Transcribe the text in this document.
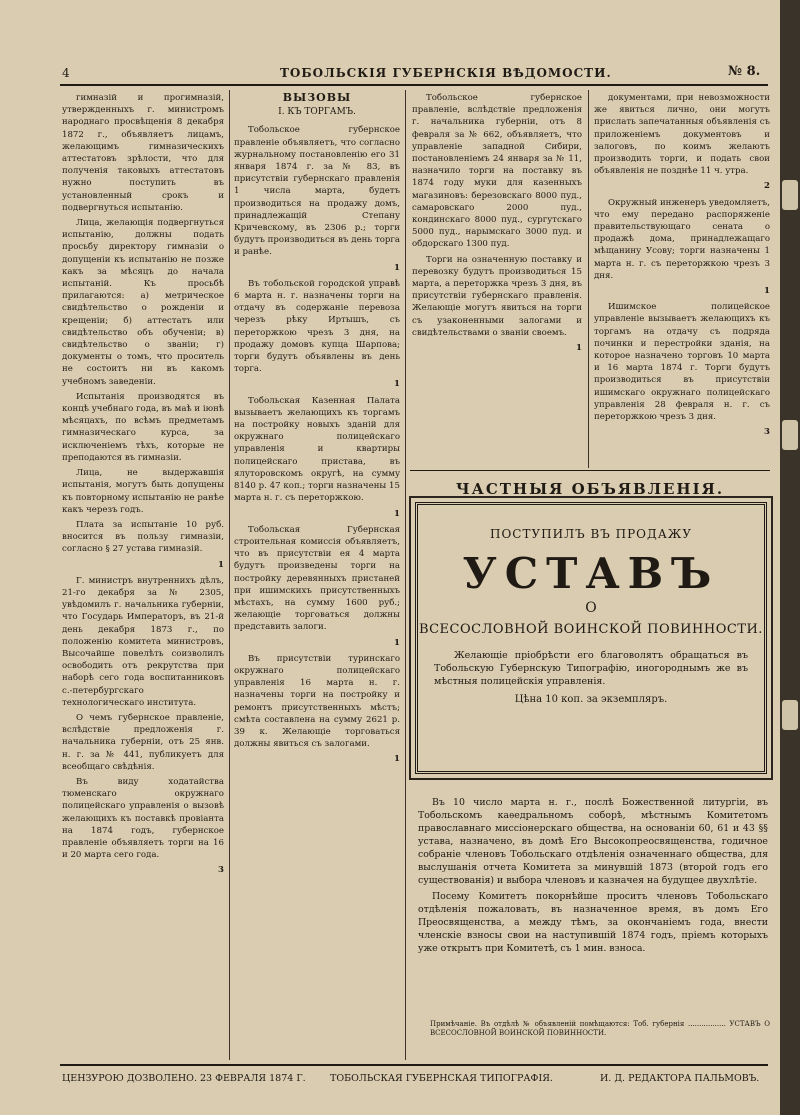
4	ТОБОЛЬСКІЯ ГУБЕРНСКІЯ ВѢДОМОСТИ.	№ 8.

гимназій и прогимназій, утвержденныхъ г. министромъ народнаго просвѣщенія 8 декабря 1872 г., объявляетъ лицамъ, желающимъ гимназическихъ аттестатовъ зрѣлости, что для полученія таковыхъ аттестатовъ нужно поступить въ установленный срокъ и подвергнуться испытанію.

Лица, желающія подвергнуться испытанію, должны подать просьбу директору гимназіи о допущеніи къ испытанію не позже какъ за мѣсяцъ до начала испытаній. Къ просьбѣ прилагаются: а) метрическое свидѣтельство о рожденіи и крещеніи; б) аттестатъ или свидѣтельство объ обученіи; в) свидѣтельство о званіи; г) документы о томъ, что проситель не состоитъ ни въ какомъ учебномъ заведеніи.

Испытанія производятся въ концѣ учебнаго года, въ маѣ и іюнѣ мѣсяцахъ, по всѣмъ предметамъ гимназическаго курса, за исключеніемъ тѣхъ, которые не преподаются въ гимназіи.

Лица, не выдержавшія испытанія, могутъ быть допущены къ повторному испытанію не ранѣе какъ черезъ годъ.

Плата за испытаніе 10 руб. вносится въ пользу гимназіи, согласно § 27 устава гимназій.

1

Г. министръ внутреннихъ дѣлъ, 21-го декабря за № 2305, увѣдомилъ г. начальника губерніи, что Государь Императоръ, въ 21-й день декабря 1873 г., по положенію комитета министровъ, Высочайше повелѣть соизволилъ освободить отъ рекрутства при наборѣ сего года воспитанниковъ с.-петербургскаго технологическаго института.

О чемъ губернское правленіе, вслѣдствіе предложенія г. начальника губерніи, отъ 25 янв. н. г. за № 441, публикуетъ для всеобщаго свѣдѣнія.

Въ виду ходатайства тюменскаго окружнаго полицейскаго управленія о вызовѣ желающихъ къ поставкѣ провіанта на 1874 годъ, губернское правленіе объявляетъ торги на 16 и 20 марта сего года.

3
ВЫЗОВЫ
I. КЪ ТОРГАМЪ.

Тобольское губернское правленіе объявляетъ, что согласно журнальному постановленію его 31 января 1874 г. за № 83, въ присутствіи губернскаго правленія 1 числа марта, будетъ производиться на продажу домъ, принадлежащій Степану Кричевскому, въ 2306 р.; торги будутъ производиться въ день торга и ранѣе.

1

Въ тобольской городской управѣ 6 марта н. г. назначены торги на отдачу въ содержаніе перевоза черезъ рѣку Иртышъ, съ переторжкою чрезъ 3 дня, на продажу домовъ купца Шарпова; торги будутъ объявлены въ день торга.

1

Тобольская Казенная Палата вызываетъ желающихъ къ торгамъ на постройку новыхъ зданій для окружнаго полицейскаго управленія и квартиры полицейскаго пристава, въ ялуторовскомъ округѣ, на сумму 8140 р. 47 коп.; торги назначены 15 марта н. г. съ переторжкою.

1

Тобольская Губернская строительная комиссія объявляетъ, что въ присутствіи ея 4 марта будутъ произведены торги на постройку деревянныхъ пристаней при ишимскихъ присутственныхъ мѣстахъ, на сумму 1600 руб.; желающіе торговаться должны представить залоги.

1

Въ присутствіи туринскаго окружнаго полицейскаго управленія 16 марта н. г. назначены торги на постройку и ремонтъ присутственныхъ мѣстъ; смѣта составлена на сумму 2621 р. 39 к. Желающіе торговаться должны явиться съ залогами.

1

Тобольское губернское правленіе, вслѣдствіе предложенія г. начальника губерніи, отъ 8 февраля за № 662, объявляетъ, что управленіе западной Сибири, постановленіемъ 24 января за № 11, назначило торги на поставку въ 1874 году муки для казенныхъ магазиновъ: березовскаго 8000 пуд., самаровскаго 2000 пуд., кондинскаго 8000 пуд., сургутскаго 5000 пуд., нарымскаго 3000 пуд. и обдорскаго 1300 пуд.

Торги на означенную поставку и перевозку будутъ производиться 15 марта, а переторжка чрезъ 3 дня, въ присутствіи губернскаго правленія. Желающіе могутъ явиться на торги съ узаконенными залогами и свидѣтельствами о званіи своемъ.

1

документами, при невозможности же явиться лично, они могутъ прислать запечатанныя объявленія съ приложеніемъ документовъ и залоговъ, по коимъ желаютъ производить торги, и подать свои объявленія не позднѣе 11 ч. утра.

2

Окружный инженеръ уведомляетъ, что ему передано распоряженіе правительствующаго сената о продажѣ дома, принадлежащаго мѣщанину Усову; торги назначены 1 марта н. г. съ переторжкою чрезъ 3 дня.

1

Ишимское полицейское управленіе вызываетъ желающихъ къ торгамъ на отдачу съ подряда починки и перестройки зданія, на которое назначено торговъ 10 марта и 16 марта 1874 г. Торги будутъ производиться въ присутствіи ишимскаго окружнаго полицейскаго управленія 28 февраля н. г. съ переторжкою чрезъ 3 дня.

3
ЧАСТНЫЯ ОБЪЯВЛЕНІЯ.
ПОСТУПИЛЪ ВЪ ПРОДАЖУ
УСТАВЪ
О
ВСЕСОСЛОВНОЙ ВОИНСКОЙ ПОВИННОСТИ.
Желающіе пріобрѣсти его благоволятъ обращаться въ Тобольскую Губернскую Типографію, иногороднымъ же въ мѣстныя полицейскія управленія.
Цѣна 10 коп. за экземпляръ.

Въ 10 число марта н. г., послѣ Божественной литургіи, въ Тобольскомъ каѳедральномъ соборѣ, мѣстнымъ Комитетомъ православнаго миссіонерскаго общества, на основаніи 60, 61 и 43 §§ устава, назначено, въ домѣ Его Высокопреосвященства, годичное собраніе членовъ Тобольскаго отдѣленія означеннаго общества, для выслушанія отчета Комитета за минувшій 1873 (второй годъ его существованія) и выбора членовъ и казначея на будущее двухлѣтіе.

Посему Комитетъ покорнѣйше проситъ членовъ Тобольскаго отдѣленія пожаловать, въ назначенное время, въ домъ Его Преосвященства, а между тѣмъ, за окончаніемъ года, внести членскіе взносы свои на наступившій 1874 годъ, пріемъ которыхъ уже открытъ при Комитетѣ, съ 1 мин. взноса.

Примѣчаніе. Въ отдѣлѣ № объявленій помѣщаются: Тоб. губернія ................. УСТАВЪ О ВСЕСОСЛОВНОЙ ВОИНСКОЙ ПОВИННОСТИ.
ЦЕНЗУРОЮ ДОЗВОЛЕНО. 23 ФЕВРАЛЯ 1874 Г.	ТОБОЛЬСКАЯ ГУБЕРНСКАЯ ТИПОГРАФІЯ.	И. Д. РЕДАКТОРА ПАЛЬМОВЪ.
